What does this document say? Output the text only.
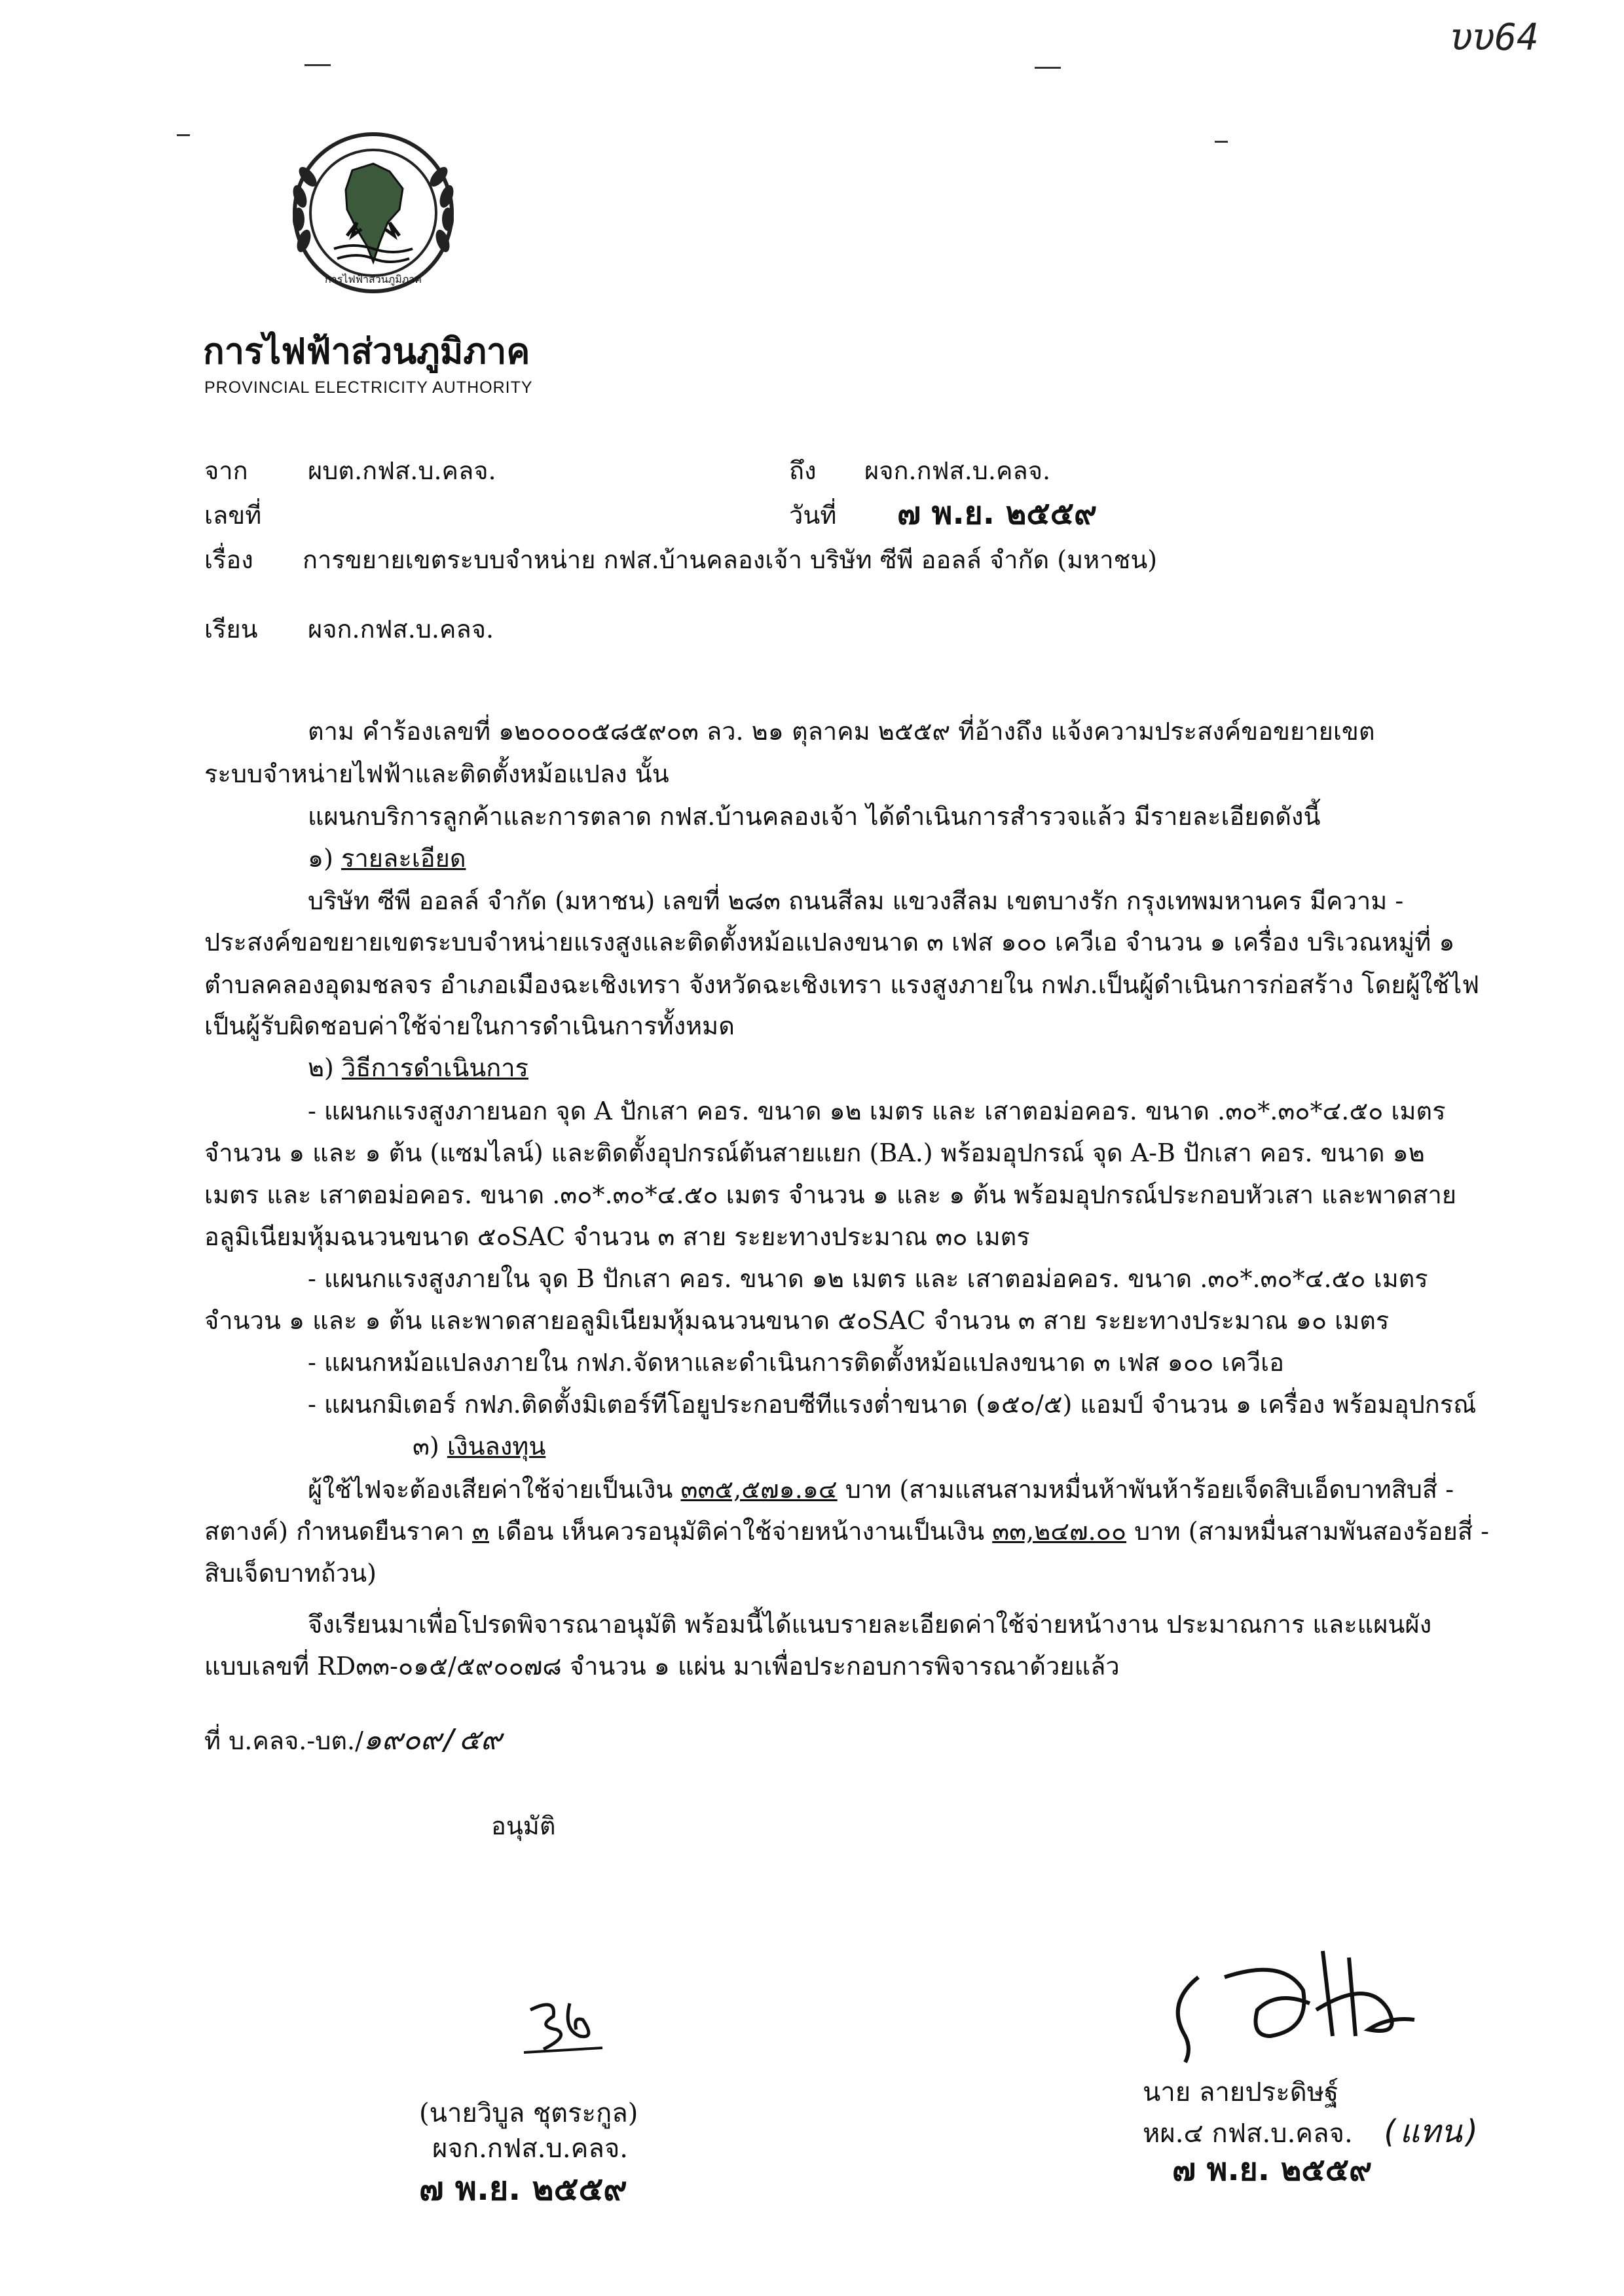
υυ64
การไฟฟ้าส่วนภูมิภาค
การไฟฟ้าส่วนภูมิภาค
PROVINCIAL ELECTRICITY AUTHORITY
จาก ผบต.กฟส.บ.คลจ.	ถึง ผจก.กฟส.บ.คลจ.
เลขที่	วันที่ ๗ พ.ย. ๒๕๕๙
เรื่อง การขยายเขตระบบจำหน่าย กฟส.บ้านคลองเจ้า บริษัท ซีพี ออลล์ จำกัด (มหาชน)
เรียน ผจก.กฟส.บ.คลจ.
ตาม คำร้องเลขที่ ๑๒๐๐๐๐๕๘๕๙๐๓ ลว. ๒๑ ตุลาคม ๒๕๕๙ ที่อ้างถึง แจ้งความประสงค์ขอขยายเขต
ระบบจำหน่ายไฟฟ้าและติดตั้งหม้อแปลง นั้น
แผนกบริการลูกค้าและการตลาด กฟส.บ้านคลองเจ้า ได้ดำเนินการสำรวจแล้ว มีรายละเอียดดังนี้
๑) รายละเอียด
บริษัท ซีพี ออลล์ จำกัด (มหาชน) เลขที่ ๒๘๓ ถนนสีลม แขวงสีลม เขตบางรัก กรุงเทพมหานคร มีความ -
ประสงค์ขอขยายเขตระบบจำหน่ายแรงสูงและติดตั้งหม้อแปลงขนาด ๓ เฟส ๑๐๐ เควีเอ จำนวน ๑ เครื่อง บริเวณหมู่ที่ ๑
ตำบลคลองอุดมชลจร อำเภอเมืองฉะเชิงเทรา จังหวัดฉะเชิงเทรา แรงสูงภายใน กฟภ.เป็นผู้ดำเนินการก่อสร้าง โดยผู้ใช้ไฟ
เป็นผู้รับผิดชอบค่าใช้จ่ายในการดำเนินการทั้งหมด
๒) วิธีการดำเนินการ
- แผนกแรงสูงภายนอก จุด A ปักเสา คอร. ขนาด ๑๒ เมตร และ เสาตอม่อคอร. ขนาด .๓๐*.๓๐*๔.๕๐ เมตร
จำนวน ๑ และ ๑ ต้น (แซมไลน์) และติดตั้งอุปกรณ์ต้นสายแยก (BA.) พร้อมอุปกรณ์ จุด A-B ปักเสา คอร. ขนาด ๑๒
เมตร และ เสาตอม่อคอร. ขนาด .๓๐*.๓๐*๔.๕๐ เมตร จำนวน ๑ และ ๑ ต้น พร้อมอุปกรณ์ประกอบหัวเสา และพาดสาย
อลูมิเนียมหุ้มฉนวนขนาด ๕๐SAC จำนวน ๓ สาย ระยะทางประมาณ ๓๐ เมตร
- แผนกแรงสูงภายใน จุด B ปักเสา คอร. ขนาด ๑๒ เมตร และ เสาตอม่อคอร. ขนาด .๓๐*.๓๐*๔.๕๐ เมตร
จำนวน ๑ และ ๑ ต้น และพาดสายอลูมิเนียมหุ้มฉนวนขนาด ๕๐SAC จำนวน ๓ สาย ระยะทางประมาณ ๑๐ เมตร
- แผนกหม้อแปลงภายใน กฟภ.จัดหาและดำเนินการติดตั้งหม้อแปลงขนาด ๓ เฟส ๑๐๐ เควีเอ
- แผนกมิเตอร์ กฟภ.ติดตั้งมิเตอร์ทีโอยูประกอบซีทีแรงต่ำขนาด (๑๕๐/๕) แอมป์ จำนวน ๑ เครื่อง พร้อมอุปกรณ์
๓) เงินลงทุน
ผู้ใช้ไฟจะต้องเสียค่าใช้จ่ายเป็นเงิน ๓๓๕,๕๗๑.๑๔ บาท (สามแสนสามหมื่นห้าพันห้าร้อยเจ็ดสิบเอ็ดบาทสิบสี่ -
สตางค์) กำหนดยืนราคา ๓ เดือน เห็นควรอนุมัติค่าใช้จ่ายหน้างานเป็นเงิน ๓๓,๒๔๗.๐๐ บาท (สามหมื่นสามพันสองร้อยสี่ -
สิบเจ็ดบาทถ้วน)
จึงเรียนมาเพื่อโปรดพิจารณาอนุมัติ พร้อมนี้ได้แนบรายละเอียดค่าใช้จ่ายหน้างาน ประมาณการ และแผนผัง
แบบเลขที่ RD๓๓-๐๑๕/๕๙๐๐๗๘ จำนวน ๑ แผ่น มาเพื่อประกอบการพิจารณาด้วยแล้ว
ที่ บ.คลจ.-บต./๑๙๐๙/๕๙
อนุมัติ
(นายวิบูล ชุตระกูล)
ผจก.กฟส.บ.คลจ.
๗ พ.ย. ๒๕๕๙
นาย ลายประดิษฐ์
หผ.๔ กฟส.บ.คลจ. (แทน)
๗ พ.ย. ๒๕๕๙
